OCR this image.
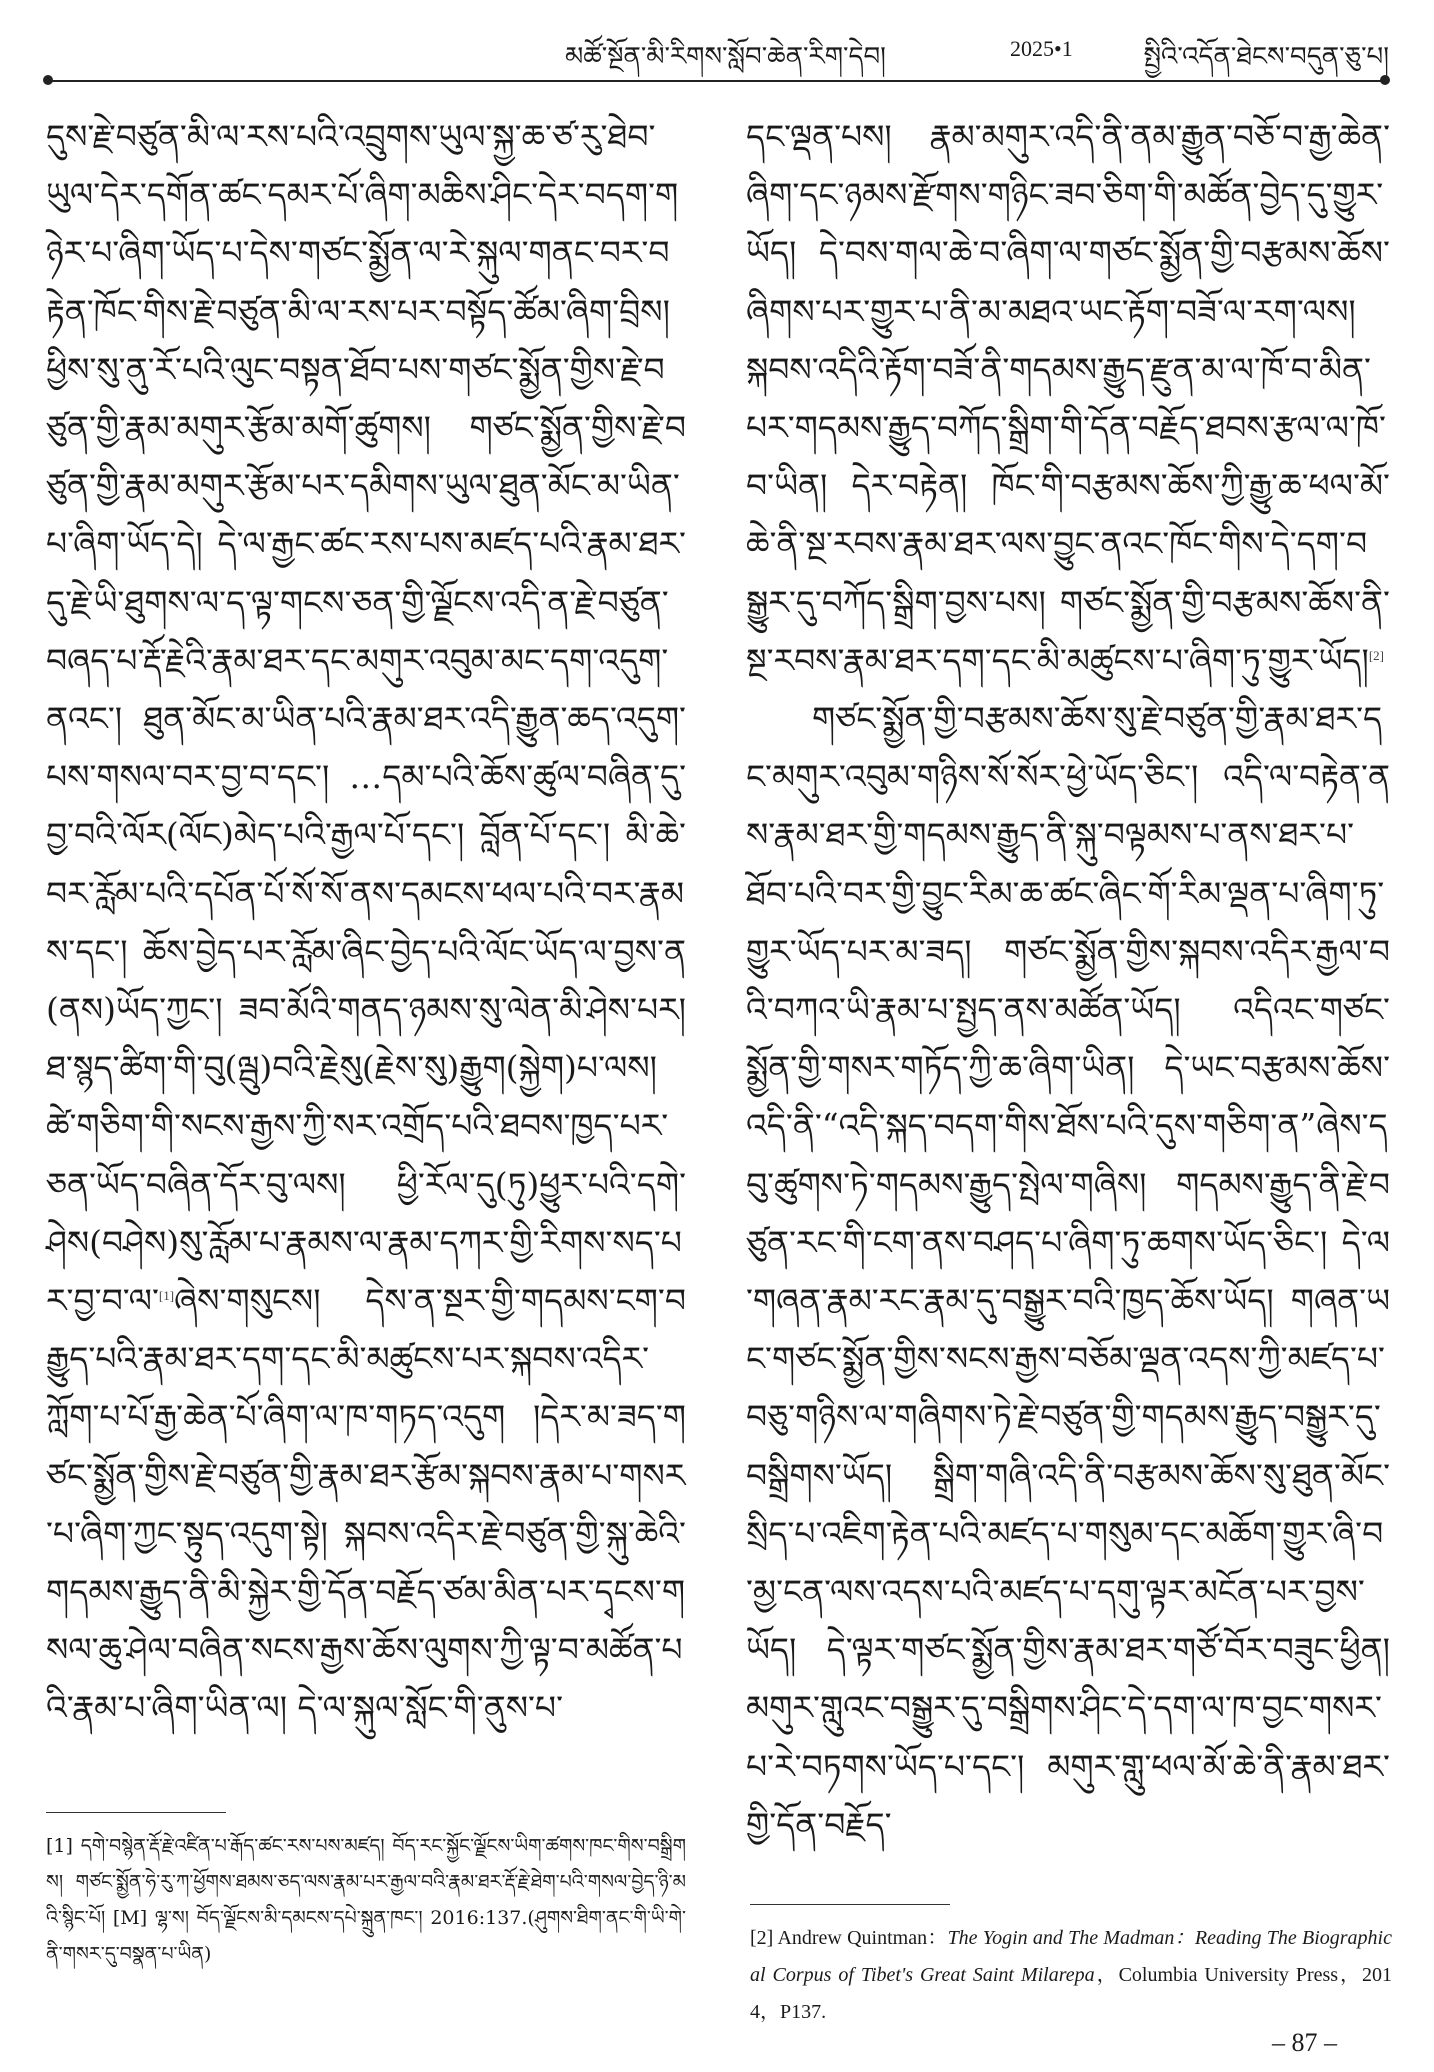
མཚོ་སྔོན་མི་རིགས་སློབ་ཆེན་རིག་དེབ།	2025•1	སྤྱིའི་འདོན་ཐེངས་བདུན་ཅུ་པ།

དུས་རྗེ་བཙུན་མི་ལ་རས་པའི་འབྲུགས་ཡུལ་སྐྱ་ཆ་ཙ་རུ་ཐེབ་ཡུལ་དེར་དགོན་ཚང་དམར་པོ་ཞིག་མཆིས་ཤིང་དེར་བདག་གཉེར་པ་ཞིག་ཡོད་པ་དེས་གཙང་སྨྱོན་ལ་རེ་སྐུལ་གནང་བར་བརྟེན་ཁོང་གིས་རྗེ་བཙུན་མི་ལ་རས་པར་བསྟོད་ཚོམ་ཞིག་བྲིས། ཕྱིས་སུ་ནུ་རོ་པའི་ལུང་བསྟན་ཐོབ་པས་གཙང་སྨྱོན་གྱིས་རྗེ་བཙུན་གྱི་རྣམ་མགུར་རྩོམ་མགོ་ཚུགས། གཙང་སྨྱོན་གྱིས་རྗེ་བཙུན་གྱི་རྣམ་མགུར་རྩོམ་པར་དམིགས་ཡུལ་ཐུན་མོང་མ་ཡིན་པ་ཞིག་ཡོད་དེ། དེ་ལ་རྒྱང་ཚང་རས་པས་མཛད་པའི་རྣམ་ཐར་དུ་རྗེ་ཡི་ཐུགས་ལ་ད་ལྟ་གངས་ཅན་གྱི་ལྗོངས་འདི་ན་རྗེ་བཙུན་བཞད་པ་རྡོ་རྗེའི་རྣམ་ཐར་དང་མགུར་འབུམ་མང་དག་འདུག་ནའང་། ཐུན་མོང་མ་ཡིན་པའི་རྣམ་ཐར་འདི་རྒྱུན་ཆད་འདུག་པས་གསལ་བར་བྱ་བ་དང་། …དམ་པའི་ཆོས་ཚུལ་བཞིན་དུ་བྱ་བའི་ལོར(ལོང)མེད་པའི་རྒྱལ་པོ་དང་། བློན་པོ་དང་། མི་ཆེ་བར་རློམ་པའི་དཔོན་པོ་སོ་སོ་ནས་དམངས་ཕལ་པའི་བར་རྣམས་དང་། ཆོས་བྱེད་པར་རློམ་ཞིང་བྱེད་པའི་ལོང་ཡོད་ལ་བྱས་ན(ནས)ཡོད་ཀྱང་། ཟབ་མོའི་གནད་ཉམས་སུ་ལེན་མི་ཤེས་པར། ཐ་སྙད་ཚིག་གི་བུ(ལྦུ)བའི་རྗེསུ(རྗེས་སུ)རྒྱུག(སྐྱེག)པ་ལས། ཚེ་གཅིག་གི་སངས་རྒྱས་ཀྱི་སར་འགྲོད་པའི་ཐབས་ཁྱད་པར་ཅན་ཡོད་བཞིན་དོར་བུ་ལས། ཕྱི་རོལ་དུ(ཏུ)ཕྱུར་པའི་དགེ་ཤེས(བཤེས)སུ་རློམ་པ་རྣམས་ལ་རྣམ་དཀར་གྱི་རིགས་སད་པར་བྱ་བ་ལ་[1]ཞེས་གསུངས། དེས་ན་སྔར་གྱི་གདམས་ངག་བརྒྱུད་པའི་རྣམ་ཐར་དག་དང་མི་མཚུངས་པར་སྐབས་འདིར་ཀློག་པ་པོ་རྒྱ་ཆེན་པོ་ཞིག་ལ་ཁ་གཏད་འདུག །དེར་མ་ཟད་གཙང་སྨྱོན་གྱིས་རྗེ་བཙུན་གྱི་རྣམ་ཐར་རྩོམ་སྐབས་རྣམ་པ་གསར་པ་ཞིག་ཀྱང་སྟུད་འདུག་སྟེ། སྐབས་འདིར་རྗེ་བཙུན་གྱི་སྐུ་ཆེའི་གདམས་རྒྱུད་ནི་མི་སྐྱེར་གྱི་དོན་བརྗོད་ཙམ་མིན་པར་དྭངས་གསལ་ཆུ་ཤེལ་བཞིན་སངས་རྒྱས་ཆོས་ལུགས་ཀྱི་ལྟ་བ་མཚོན་པའི་རྣམ་པ་ཞིག་ཡིན་ལ། དེ་ལ་སྐུལ་སློང་གི་ནུས་པ་

[1] དགེ་བསྙེན་རྡོ་རྗེ་འཛིན་པ་རྒོད་ཚང་རས་པས་མཛད། བོད་རང་སྐྱོང་ལྗོངས་ཡིག་ཚགས་ཁང་གིས་བསྒྲིགས། གཙང་སྨྱོན་ཧེ་རུ་ཀ་ཕྱོགས་ཐམས་ཅད་ལས་རྣམ་པར་རྒྱལ་བའི་རྣམ་ཐར་རྡོ་རྗེ་ཐེག་པའི་གསལ་བྱེད་ཉི་མའི་སྙིང་པོ། [M] ལྷ་ས། བོད་ལྗོངས་མི་དམངས་དཔེ་སྐྲུན་ཁང་། 2016:137.(ཤུགས་ཐིག་ནང་གི་ཡི་གེ་ནི་གསར་དུ་བསྣན་པ་ཡིན)

དང་ལྡན་པས། རྣམ་མགུར་འདི་ནི་ནམ་རྒྱུན་བཅོ་བ་རྒྱ་ཆེན་ཞིག་དང་ཉམས་རྫོགས་གཉིང་ཟབ་ཅིག་གི་མཚོན་བྱེད་དུ་གྱུར་ཡོད། དེ་བས་གལ་ཆེ་བ་ཞིག་ལ་གཙང་སྨྱོན་གྱི་བརྩམས་ཆོས་ཞིགས་པར་གྱུར་པ་ནི་མ་མཐའ་ཡང་རྟོག་བཟོ་ལ་རག་ལས། སྐབས་འདིའི་རྟོག་བཟོ་ནི་གདམས་རྒྱུད་རྫུན་མ་ལ་ཁོ་བ་མིན་པར་གདམས་རྒྱུད་བཀོད་སྒྲིག་གི་དོན་བརྗོད་ཐབས་རྩལ་ལ་ཁོ་བ་ཡིན། དེར་བརྟེན། ཁོང་གི་བརྩམས་ཆོས་ཀྱི་རྒྱུ་ཆ་ཕལ་མོ་ཆེ་ནི་སྔ་རབས་རྣམ་ཐར་ལས་བྱུང་ནའང་ཁོང་གིས་དེ་དག་བསྒྱུར་དུ་བཀོད་སྒྲིག་བྱས་པས། གཙང་སྨྱོན་གྱི་བརྩམས་ཆོས་ནི་སྔ་རབས་རྣམ་ཐར་དག་དང་མི་མཚུངས་པ་ཞིག་ཏུ་གྱུར་ཡོད།[2]

གཙང་སྨྱོན་གྱི་བརྩམས་ཆོས་སུ་རྗེ་བཙུན་གྱི་རྣམ་ཐར་དང་མགུར་འབུམ་གཉིས་སོ་སོར་ཕྱེ་ཡོད་ཅིང་། འདི་ལ་བརྟེན་ནས་རྣམ་ཐར་གྱི་གདམས་རྒྱུད་ནི་སྐུ་བལྟམས་པ་ནས་ཐར་པ་ཐོབ་པའི་བར་གྱི་བྱུང་རིམ་ཆ་ཚང་ཞིང་གོ་རིམ་ལྡན་པ་ཞིག་ཏུ་གྱུར་ཡོད་པར་མ་ཟད། གཙང་སྨྱོན་གྱིས་སྐབས་འདིར་རྒྱལ་བའི་བཀའ་ཡི་རྣམ་པ་སྤྱད་ནས་མཚོན་ཡོད། འདིའང་གཙང་སྨྱོན་གྱི་གསར་གཏོད་ཀྱི་ཆ་ཞིག་ཡིན། དེ་ཡང་བརྩམས་ཆོས་འདི་ནི་“འདི་སྐད་བདག་གིས་ཐོས་པའི་དུས་གཅིག་ན”ཞེས་དབུ་ཚུགས་ཏེ་གདམས་རྒྱུད་སྤེལ་གཞིས། གདམས་རྒྱུད་ནི་རྗེ་བཙུན་རང་གི་ངག་ནས་བཤད་པ་ཞིག་ཏུ་ཆགས་ཡོད་ཅིང་། དེ་ལ་གཞན་རྣམ་རང་རྣམ་དུ་བསྒྱུར་བའི་ཁྱད་ཆོས་ཡོད། གཞན་ཡང་གཙང་སྨྱོན་གྱིས་སངས་རྒྱས་བཅོམ་ལྡན་འདས་ཀྱི་མཛད་པ་བཅུ་གཉིས་ལ་གཞིགས་ཏེ་རྗེ་བཙུན་གྱི་གདམས་རྒྱུད་བསྒྱུར་དུ་བསྒྲིགས་ཡོད། སྒྲིག་གཞི་འདི་ནི་བརྩམས་ཆོས་སུ་ཐུན་མོང་སྲིད་པ་འཇིག་རྟེན་པའི་མཛད་པ་གསུམ་དང་མཆོག་གྱུར་ཞི་བ་མྱ་ངན་ལས་འདས་པའི་མཛད་པ་དགུ་ལྟར་མངོན་པར་བྱས་ཡོད། དེ་ལྟར་གཙང་སྨྱོན་གྱིས་རྣམ་ཐར་གཙོ་བོར་བཟུང་ཕྱིན། མགུར་གླུའང་བསྒྱུར་དུ་བསྒྲིགས་ཤིང་དེ་དག་ལ་ཁ་བྱང་གསར་པ་རེ་བཏགས་ཡོད་པ་དང་། མགུར་གླུ་ཕལ་མོ་ཆེ་ནི་རྣམ་ཐར་གྱི་དོན་བརྗོད་

[2] Andrew Quintman：The Yogin and The Madman：Reading The Biographical Corpus of Tibet's Great Saint Milarepa，Columbia University Press，2014，P137.
– 87 –
